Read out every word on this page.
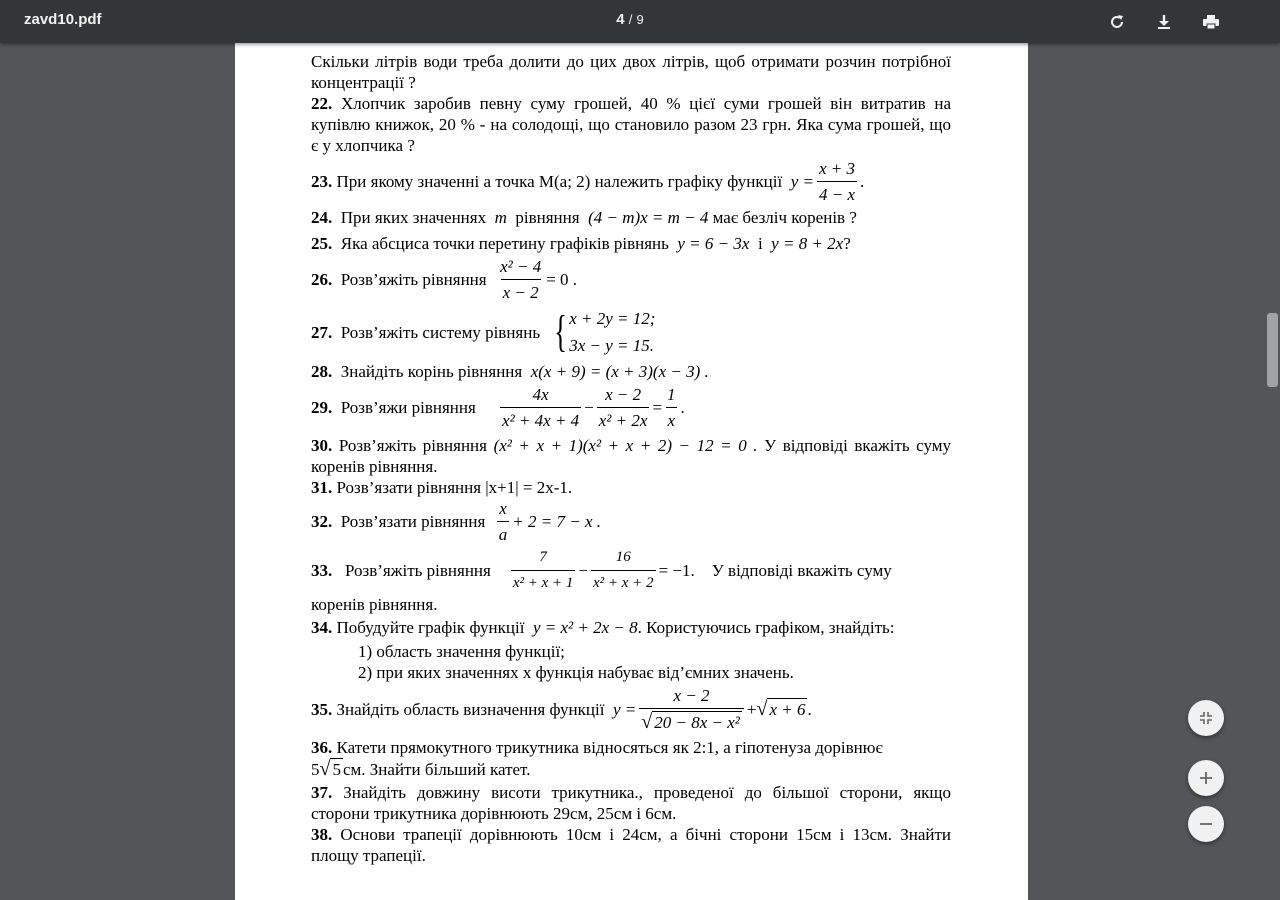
zavd10.pdf	4 / 9

Скільки літрів води треба долити до цих двох літрів, щоб отримати розчин потрібної концентрації ?

22. Хлопчик заробив певну суму грошей, 40 % цієї суми грошей він витратив на купівлю книжок, 20 % - на солодощі, що становило разом 23 грн. Яка сума грошей, що є у хлопчика ?

23.
При якому значенні а точка М(а; 2) належить графіку функції
$y = \frac{x + 3}{4 - x}$ .
24.
При яких значеннях
m
рівняння
(4 − m)x = m − 4
має безліч коренів ?
25.
Яка абсциса точки перетину графіків рівнянь
y = 6 − 3x
і
y = 8 + 2x ?
26.
Розв’яжіть рівняння
$\frac{\text{x² − 4}}{x - 2} = 0$ .
27.
Розв’яжіть систему рівнянь { x + 2y = 12;
3x − y = 15.
28.
Знайдіть корінь рівняння
x(x + 9) = (x + 3)(x − 3) .
29.
Розв’яжи рівняння
$\frac{4x}{\text{x² + 4x + 4}} - \frac{x - 2}{\text{x² + 2x}} = \frac{1}{x}$ .

30. Розв’яжіть рівняння (x² + x + 1)(x² + x + 2) − 12 = 0 . У відповіді вкажіть суму коренів рівняння.

31. Розв’язати рівняння |x+1| = 2x-1.

32.
Розв’язати рівняння
$\frac{x}{a} + 2 = 7 - x$ .
33.
Розв’яжіть рівняння
$\frac{7}{\text{x² + x + 1}} - \frac{16}{\text{x² + x + 2}} = -1$.
У відповіді вкажіть суму

коренів рівняння.

34.
Побудуйте графік функції
y = x² + 2x − 8 . Користуючись графіком, знайдіть:
1) область значення функції;
2) при яких значеннях х функція набуває від’ємних значень.
35.
Знайдіть область визначення функції
$y = \frac{x - 2}{\text{√ 20 − 8x − x²}}$ + √ x + 6 .

36. Катети прямокутного трикутника відносяться як 2:1, а гіпотенуза дорівнює

5 √ 5 см. Знайти більший катет.

37. Знайдіть довжину висоти трикутника., проведеної до більшої сторони, якщо сторони трикутника дорівнюють 29см, 25см і 6см.

38. Основи трапеції дорівнюють 10см і 24см, а бічні сторони 15см і 13см. Знайти площу трапеції.
